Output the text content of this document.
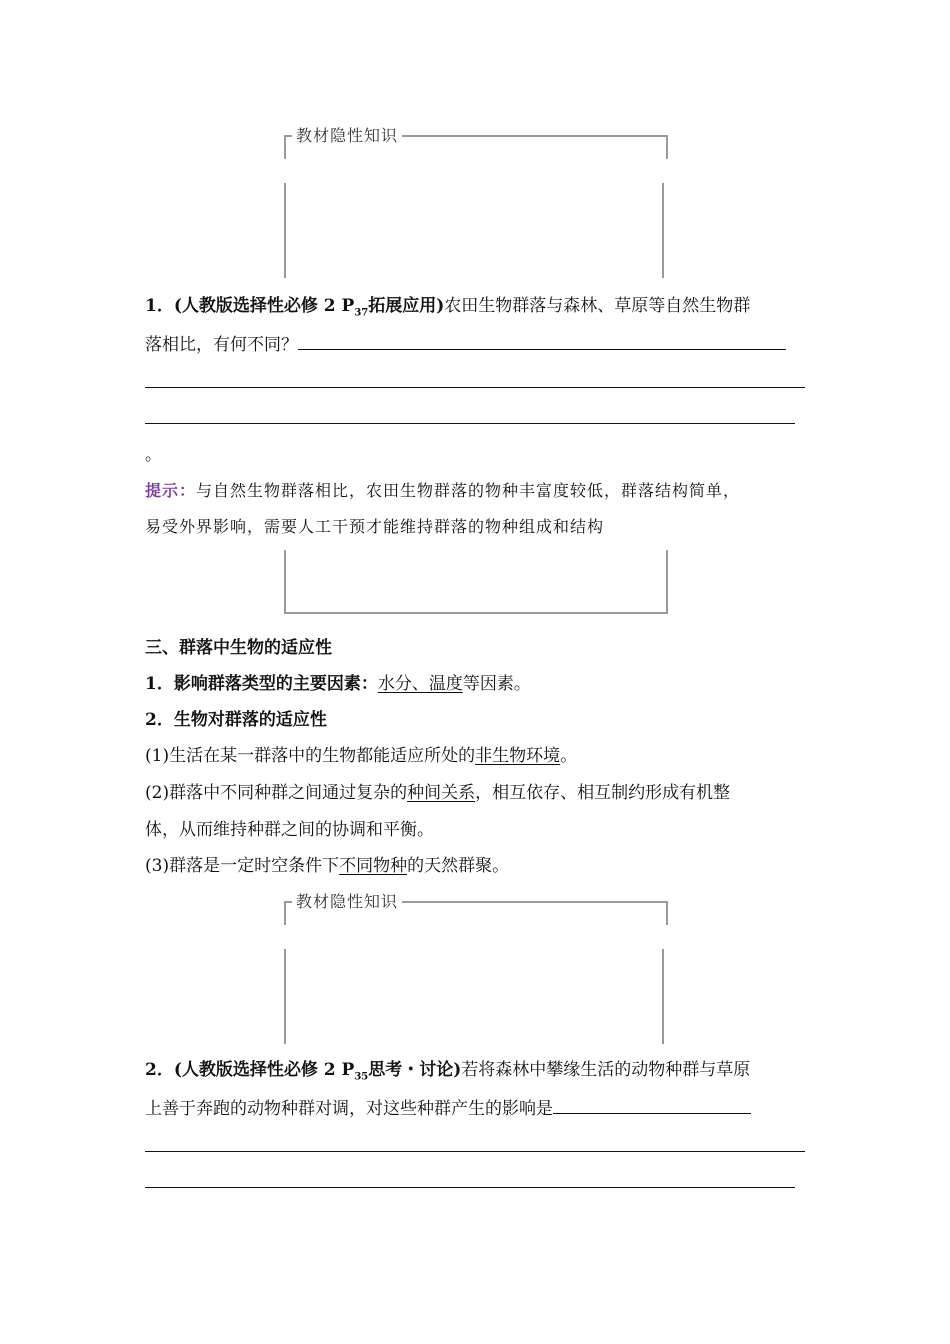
教材隐性知识
1．(人教版选择性必修 2 $P_{37}$拓展应用)农田生物群落与森林、草原等自然生物群
落相比，有何不同？
。
提示：与自然生物群落相比，农田生物群落的物种丰富度较低，群落结构简单，
易受外界影响，需要人工干预才能维持群落的物种组成和结构
三、群落中生物的适应性
1．影响群落类型的主要因素：水分、温度等因素。
2．生物对群落的适应性
(1)生活在某一群落中的生物都能适应所处的非生物环境。
(2)群落中不同种群之间通过复杂的种间关系，相互依存、相互制约形成有机整
体，从而维持种群之间的协调和平衡。
(3)群落是一定时空条件下不同物种的天然群聚。
教材隐性知识
2．(人教版选择性必修 2 $P_{35}$思考・讨论)若将森林中攀缘生活的动物种群与草原
上善于奔跑的动物种群对调，对这些种群产生的影响是
